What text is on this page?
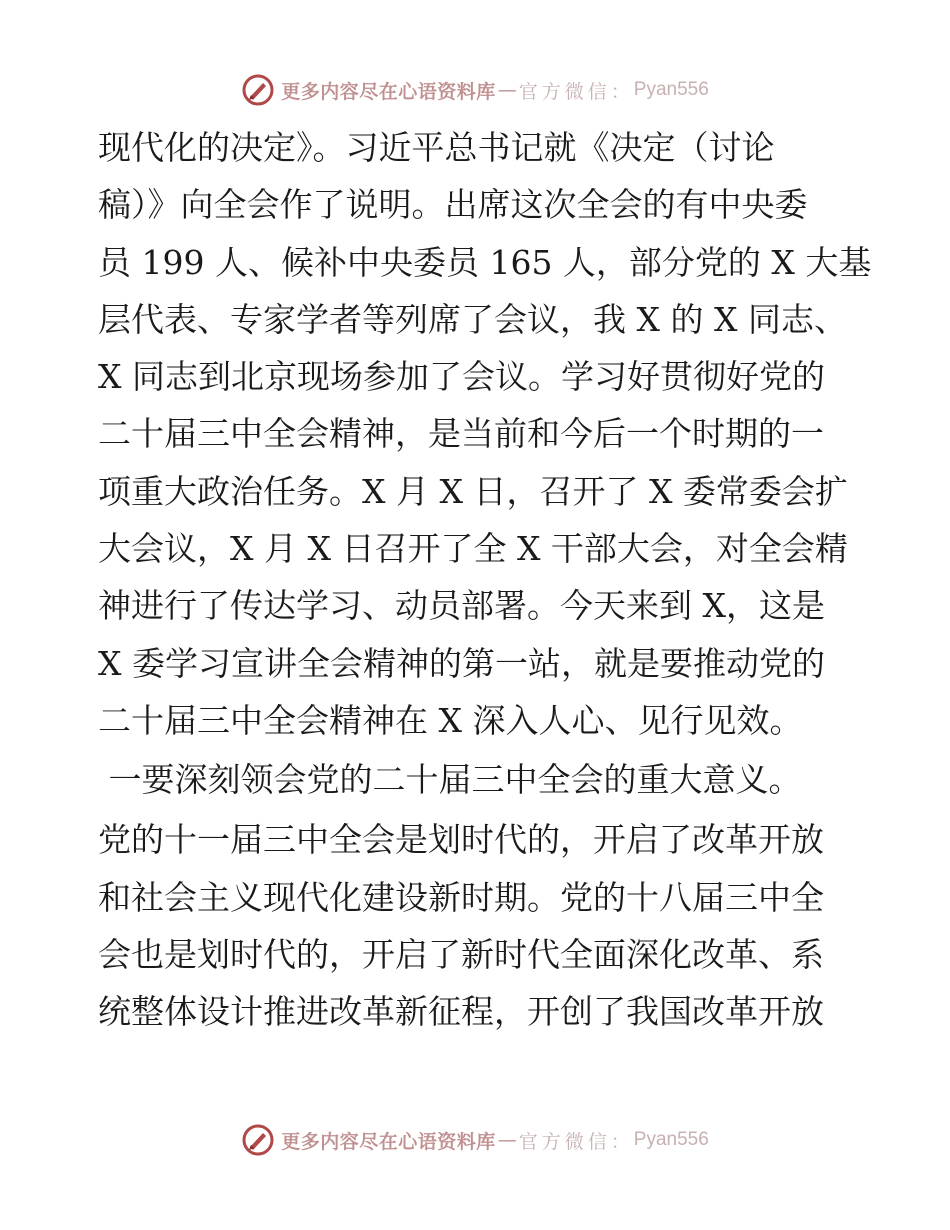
更多内容尽在心语资料库 — 官方微信 ： Pyan556

现代化的决定》。习近平总书记就《决定（讨论

稿）》向全会作了说明。出席这次全会的有中央委

员 199 人、候补中央委员 165 人，部分党的 X 大基

层代表、专家学者等列席了会议，我 X 的 X 同志、

X 同志到北京现场参加了会议。学习好贯彻好党的

二十届三中全会精神，是当前和今后一个时期的一

项重大政治任务。X 月 X 日，召开了 X 委常委会扩

大会议，X 月 X 日召开了全 X 干部大会，对全会精

神进行了传达学习、动员部署。今天来到 X，这是

X 委学习宣讲全会精神的第一站，就是要推动党的

二十届三中全会精神在 X 深入人心、见行见效。

一要深刻领会党的二十届三中全会的重大意义。

党的十一届三中全会是划时代的，开启了改革开放

和社会主义现代化建设新时期。党的十八届三中全

会也是划时代的，开启了新时代全面深化改革、系

统整体设计推进改革新征程，开创了我国改革开放

更多内容尽在心语资料库 — 官方微信 ： Pyan556
